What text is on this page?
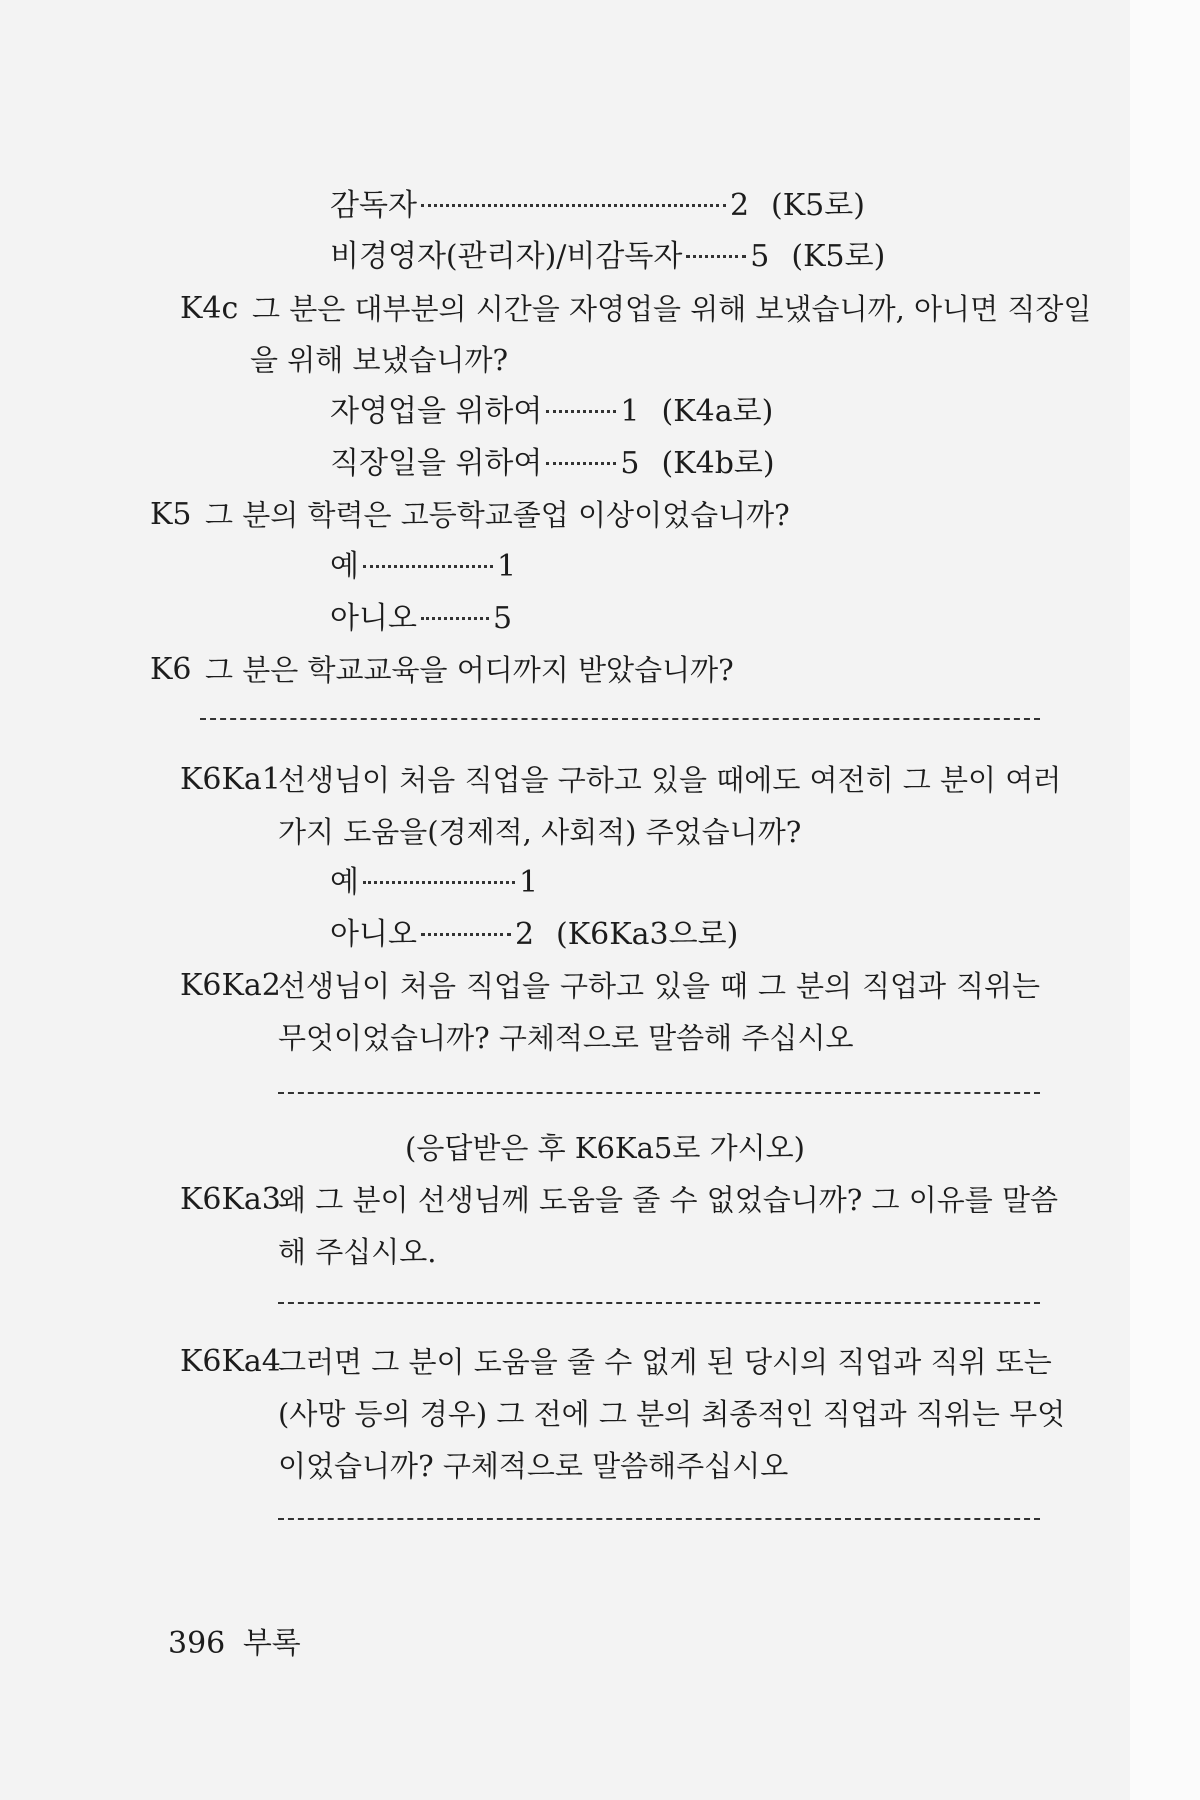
감독자	2 (K5로)
비경영자(관리자)/비감독자 5 (K5로)
K4c 그 분은 대부분의 시간을 자영업을 위해 보냈습니까, 아니면 직장일
을 위해 보냈습니까?
자영업을 위하여	1 (K4a로)
직장일을 위하여	5 (K4b로)
K5 그 분의 학력은 고등학교졸업 이상이었습니까?
예	1
아니오	5
K6 그 분은 학교교육을 어디까지 받았습니까?
K6Ka1
선생님이 처음 직업을 구하고 있을 때에도 여전히 그 분이 여러
가지 도움을(경제적, 사회적) 주었습니까?
예	1
아니오	2 (K6Ka3으로)
K6Ka2
선생님이 처음 직업을 구하고 있을 때 그 분의 직업과 직위는
무엇이었습니까? 구체적으로 말씀해 주십시오
(응답받은 후 K6Ka5로 가시오)
K6Ka3
왜 그 분이 선생님께 도움을 줄 수 없었습니까? 그 이유를 말씀
해 주십시오.
K6Ka4
그러면 그 분이 도움을 줄 수 없게 된 당시의 직업과 직위 또는
(사망 등의 경우) 그 전에 그 분의 최종적인 직업과 직위는 무엇
이었습니까? 구체적으로 말씀해주십시오
396 부록
